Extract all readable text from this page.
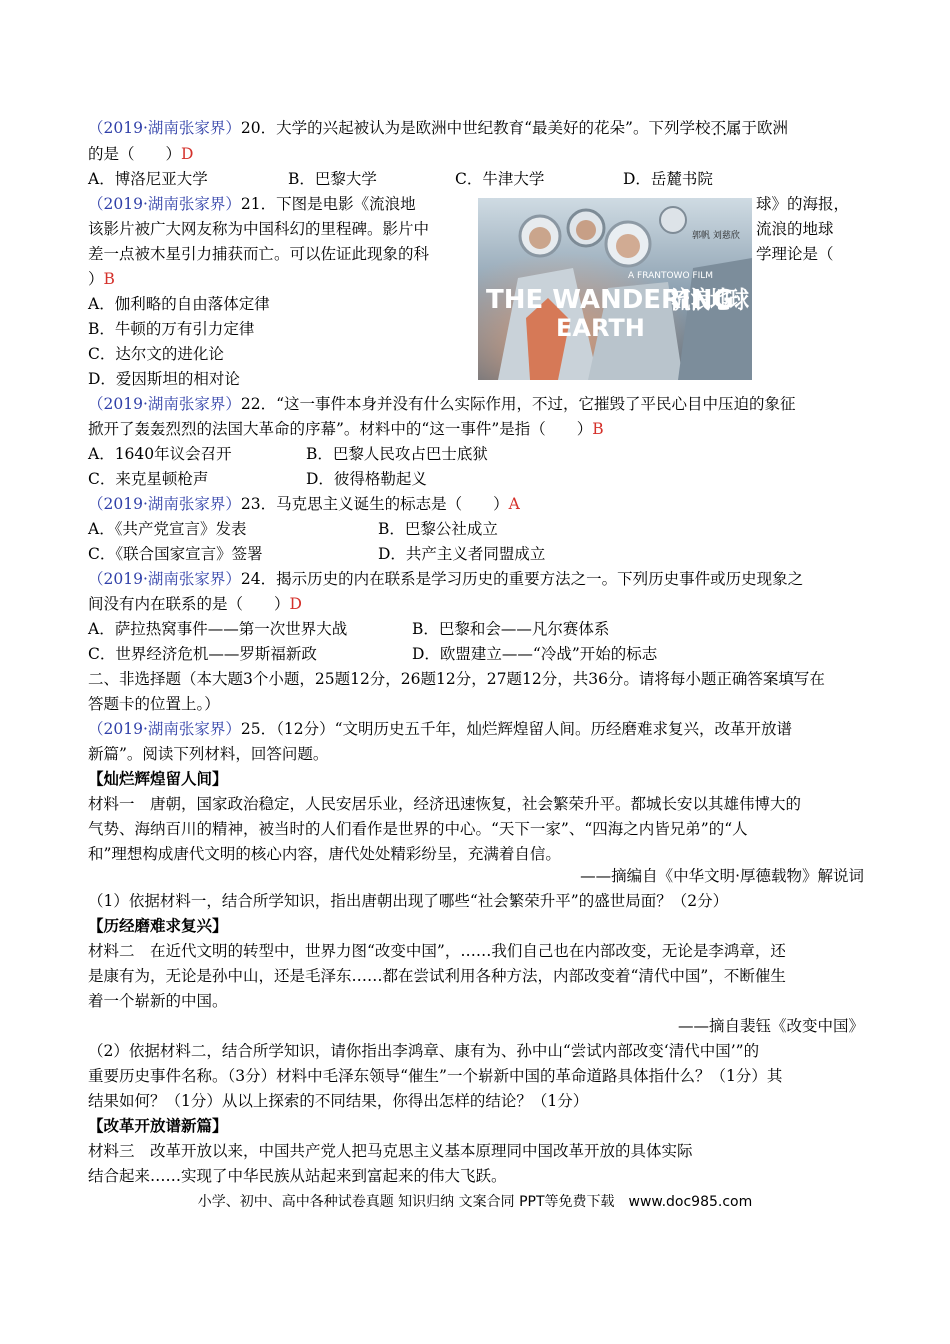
（2019·湖南张家界）20．大学的兴起被认为是欧洲中世纪教育“最美好的花朵”。下列学校不属于 •••欧洲
的是（　　）D
A．博洛尼亚大学	B．巴黎大学	C．牛津大学	D．岳麓书院
（2019·湖南张家界）21．下图是电影《流浪地	球》的海报，
该影片被广大网友称为中国科幻的里程碑。影片中	流浪的地球
差一点被木星引力捕获而亡。可以佐证此现象的科	学理论是（
）B
A．伽利略的自由落体定律
B．牛顿的万有引力定律
C．达尔文的进化论
D．爱因斯坦的相对论
A FRANTOWO FILM
THE WANDERING
EARTH
流浪地球
郭帆 刘慈欣
（2019·湖南张家界）22．“这一事件本身并没有什么实际作用，不过，它摧毁了平民心目中压迫的象征
掀开了轰轰烈烈的法国大革命的序幕”。材料中的“这一事件”是指（　　）B
A．1640年议会召开	B．巴黎人民攻占巴士底狱
C．来克星顿枪声	D．彼得格勒起义
（2019·湖南张家界）23．马克思主义诞生的标志是（　　）A
A．《共产党宣言》发表	B．巴黎公社成立
C．《联合国家宣言》签署	D．共产主义者同盟成立
（2019·湖南张家界）24．揭示历史的内在联系是学习历史的重要方法之一。下列历史事件或历史现象之
间没有内在联系的是（　　）D
A．萨拉热窝事件——第一次世界大战	B．巴黎和会——凡尔赛体系
C．世界经济危机——罗斯福新政	D．欧盟建立——“冷战”开始的标志
二、非选择题（本大题3个小题，25题12分，26题12分，27题12分，共36分。请将每小题正确答案填写在
答题卡的位置上。）
（2019·湖南张家界）25．（12分）“文明历史五千年，灿烂辉煌留人间。历经磨难求复兴，改革开放谱
新篇”。阅读下列材料，回答问题。
【灿烂辉煌留人间】
材料一　唐朝，国家政治稳定，人民安居乐业，经济迅速恢复，社会繁荣升平。都城长安以其雄伟博大的
气势、海纳百川的精神，被当时的人们看作是世界的中心。“天下一家”、“四海之内皆兄弟”的“人
和”理想构成唐代文明的核心内容，唐代处处精彩纷呈，充满着自信。
——摘编自《中华文明·厚德载物》解说词
（1）依据材料一，结合所学知识，指出唐朝出现了哪些“社会繁荣升平”的盛世局面？（2分）
【历经磨难求复兴】
材料二　在近代文明的转型中，世界力图“改变中国”，……我们自己也在内部改变，无论是李鸿章，还
是康有为，无论是孙中山，还是毛泽东……都在尝试利用各种方法，内部改变着“清代中国”，不断催生
着一个崭新的中国。
——摘自裴钰《改变中国》
（2）依据材料二，结合所学知识，请你指出李鸿章、康有为、孙中山“尝试内部改变‘清代中国’”的
重要历史事件名称。（3分）材料中毛泽东领导“催生”一个崭新中国的革命道路具体指什么？（1分）其
结果如何？（1分）从以上探索的不同结果，你得出怎样的结论？（1分）
【改革开放谱新篇】
材料三　改革开放以来，中国共产党人把马克思主义基本原理同中国改革开放的具体实际
结合起来……实现了中华民族从站起来到富起来的伟大飞跃。
小学、初中、高中各种试卷真题 知识归纳 文案合同 PPT等免费下载　www.doc985.com
